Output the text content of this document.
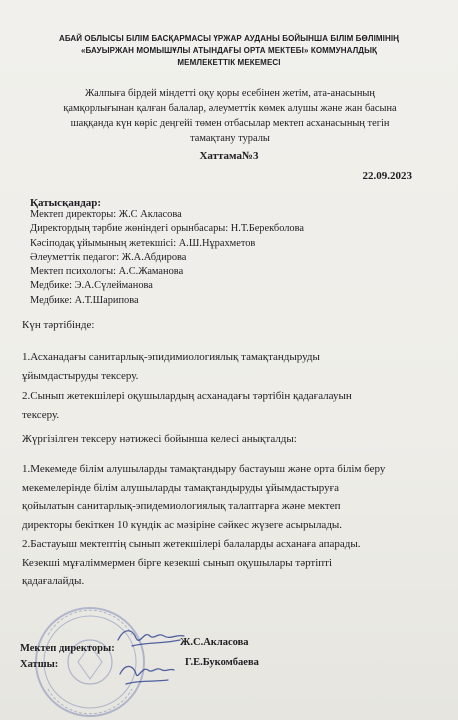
АБАЙ ОБЛЫСЫ БІЛІМ БАСҚАРМАСЫ ҮРЖАР АУДАНЫ БОЙЫНША БІЛІМ БӨЛІМІНІҢ
«БАУЫРЖАН МОМЫШҰЛЫ АТЫНДАҒЫ ОРТА МЕКТЕБІ» КОММУНАЛДЫҚ
МЕМЛЕКЕТТІК МЕКЕМЕСІ
Жалпыға бірдей міндетті оқу қоры есебінен жетім, ата-анасының
қамқорлығынан қалған балалар, әлеуметтік көмек алушы және жан басына
шаққанда күн көріс деңгейі төмен отбасылар мектеп асханасының тегін
тамақтану туралы
Хаттама№3
22.09.2023
Қатысқандар:
Мектеп директоры: Ж.С Акласова
Директордың тәрбие жөніндегі орынбасары: Н.Т.Берекболова
Кәсіподақ ұйымының жетекшісі: А.Ш.Нұрахметов
Әлеуметтік педагог: Ж.А.Абдирова
Мектеп психологы: А.С.Жаманова
Медбике: Э.А.Сүлейманова
Медбике: А.Т.Шарипова
Күн тәртібінде:
1.Асханадағы санитарлық-эпидимиологиялық тамақтандыруды
ұйымдастыруды тексеру.
2.Сынып жетекшілері оқушылардың асханадағы тәртібін қадағалауын
тексеру.
Жүргізілген тексеру нәтижесі бойынша келесі анықталды:
1.Мекемеде білім алушыларды тамақтандыру бастауыш және орта білім беру
мекемелерінде білім алушыларды тамақтандыруды ұйымдастыруға
қойылатын санитарлық-эпидемиологиялық талаптарға және мектеп
директоры бекіткен 10 күндік ас мәзіріне сәйкес жүзеге асырылады.
2.Бастауыш мектептің сынып жетекшілері балаларды асханаға апарады.
Кезекші мұғаліммермен бірге кезекші сынып оқушылары тәртіпті
қадағалайды.
Мектеп директоры:
Ж.С.Акласова
Хатшы:	Г.Е.Букомбаева
